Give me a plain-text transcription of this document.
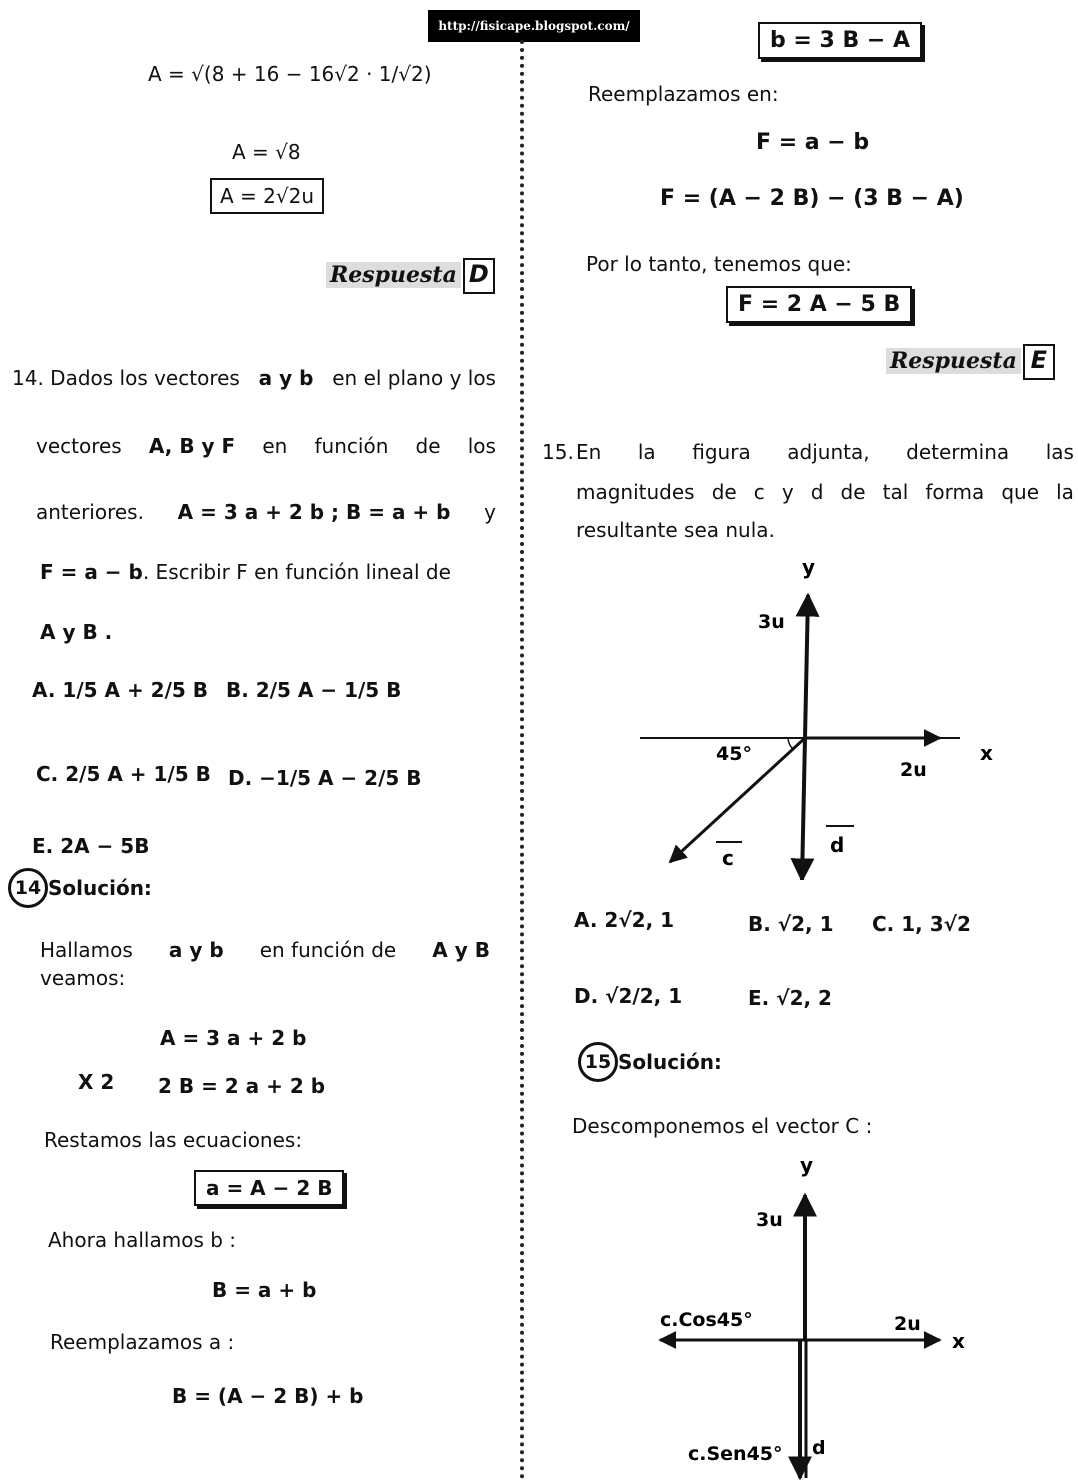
http://fisicape.blogspot.com/
A = √(8 + 16 − 16√2 · 1/√2)
A = √8
A = 2√2u
Respuesta D
14. Dados los vectores a y b en el plano y los
vectores A, B y F en función de los
anteriores. A = 3 a + 2 b ; B = a + b y
F = a − b. Escribir F en función lineal de
A y B .
A. 1/5 A + 2/5 B B. 2/5 A − 1/5 B
C. 2/5 A + 1/5 B D. −1/5 A − 2/5 B
E. 2A − 5B
14 Solución:
Hallamos a y b en función de A y B
veamos:
A = 3 a + 2 b
X 2 2 B = 2 a + 2 b
Restamos las ecuaciones:
a = A − 2 B
Ahora hallamos b :
B = a + b
Reemplazamos a :
B = (A − 2 B) + b
b = 3 B − A
Reemplazamos en:
F = a − b
F = (A − 2 B) − (3 B − A)
Por lo tanto, tenemos que:
F = 2 A − 5 B
Respuesta E
15. En la figura adjunta, determina las
magnitudes de c y d de tal forma que la
resultante sea nula.
y
x
3u
2u
45°
c
d
A. 2√2, 1	B. √2, 1 C. 1, 3√2
D. √2/2, 1	E. √2, 2
15 Solución:
Descomponemos el vector C :
y
x
3u
2u
c.Cos45°
c.Sen45° d
